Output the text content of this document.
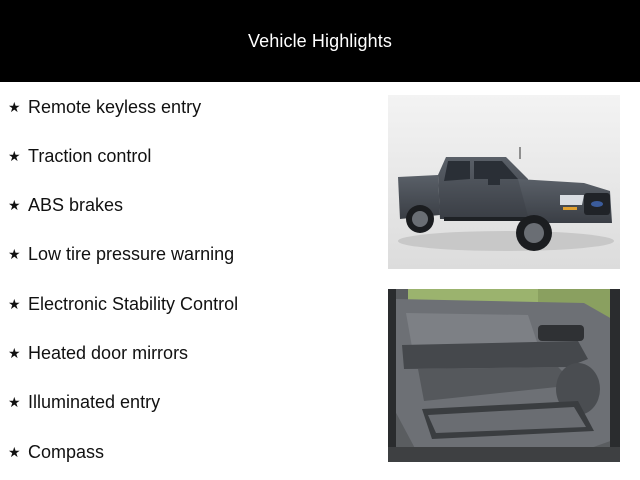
Vehicle Highlights
★ Remote keyless entry
★ Traction control
★ ABS brakes
★ Low tire pressure warning
★ Electronic Stability Control
★ Heated door mirrors
★ Illuminated entry
★ Compass
